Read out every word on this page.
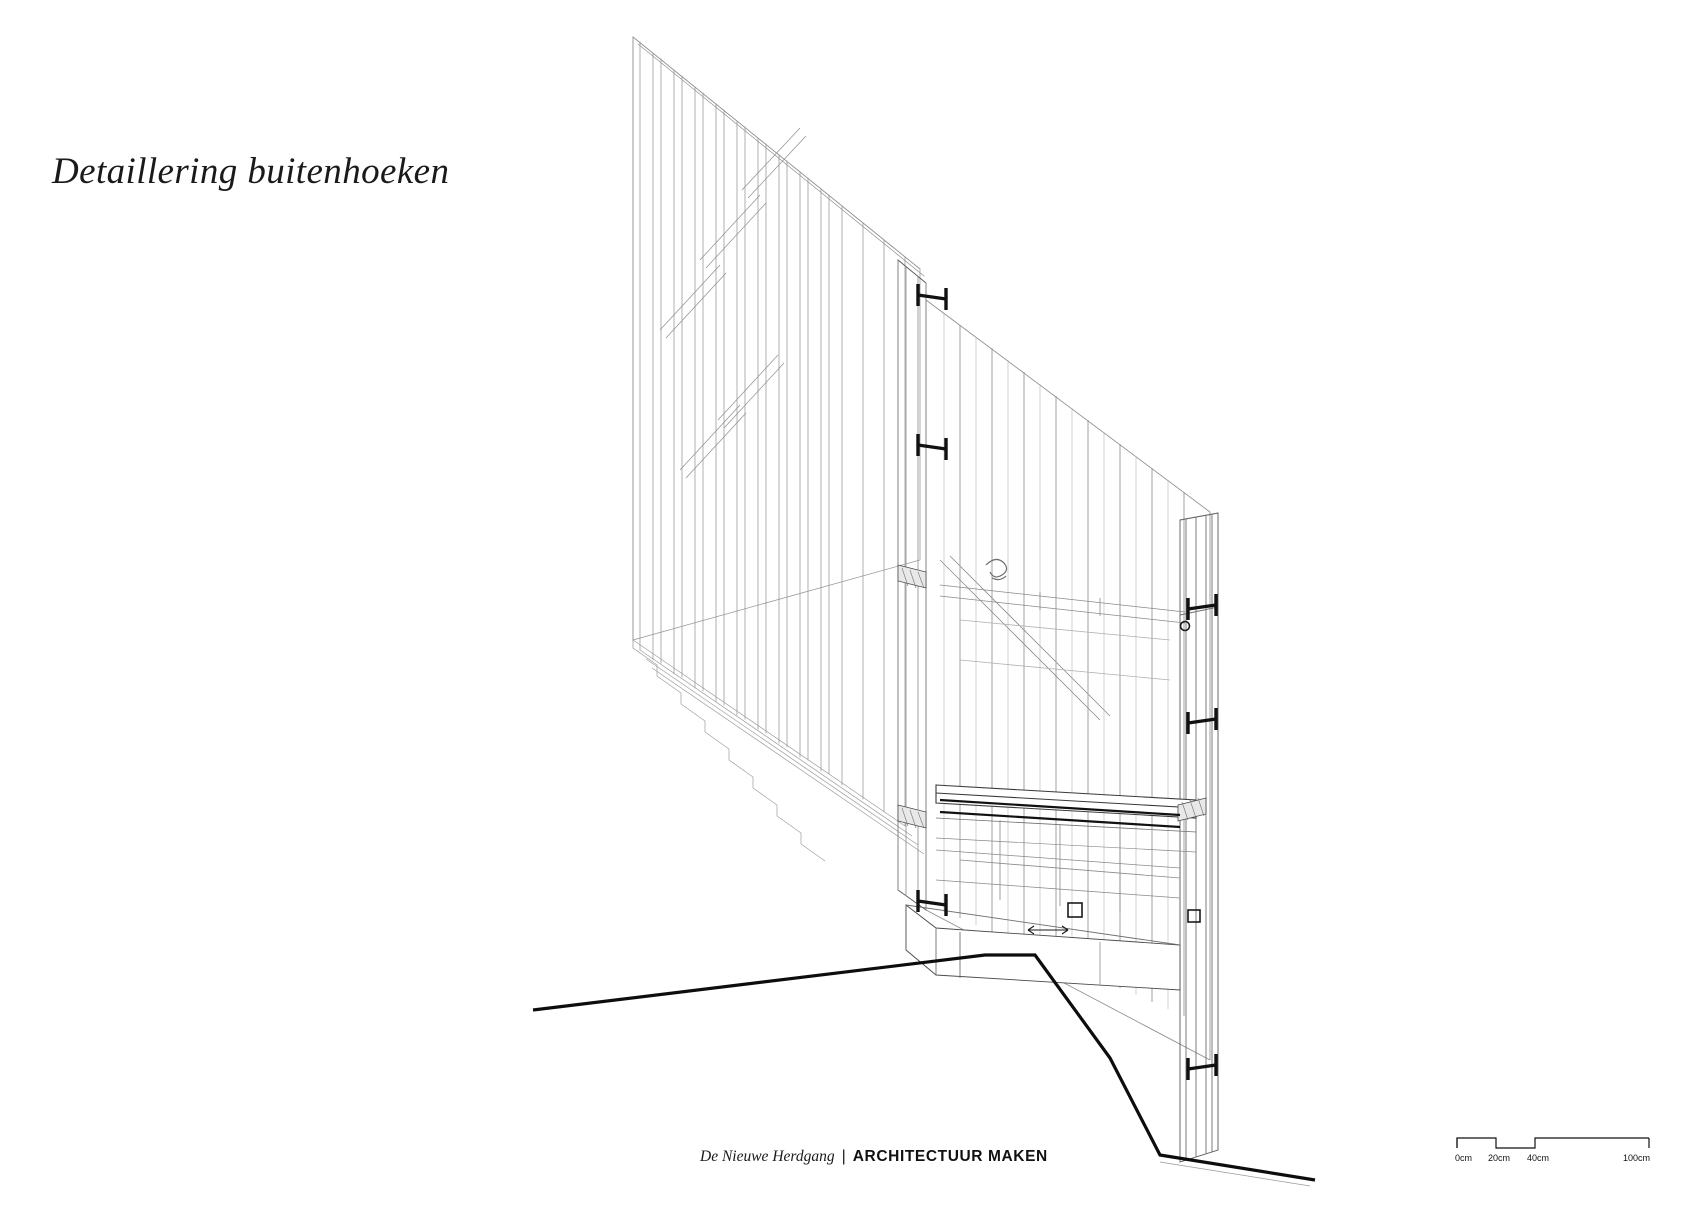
Detaillering buitenhoeken
De Nieuwe Herdgang | ARCHITECTUUR MAKEN	0cm 20cm 40cm	100cm
